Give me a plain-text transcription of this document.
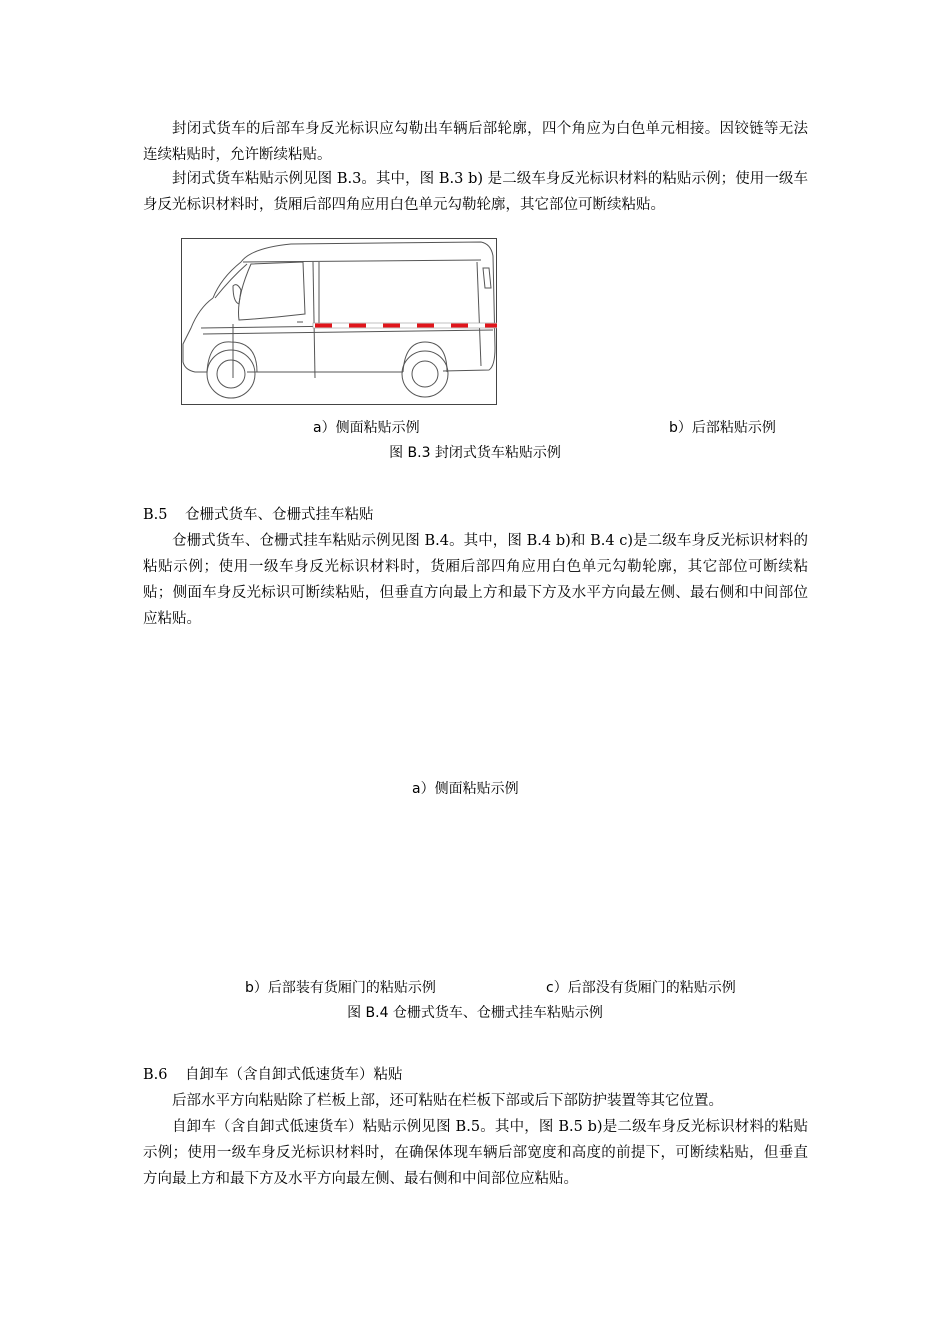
封闭式货车的后部车身反光标识应勾勒出车辆后部轮廓，四个角应为白色单元相接。因铰链等无法连续粘贴时，允许断续粘贴。

封闭式货车粘贴示例见图 B.3。其中，图 B.3 b) 是二级车身反光标识材料的粘贴示例；使用一级车身反光标识材料时，货厢后部四角应用白色单元勾勒轮廓，其它部位可断续粘贴。

a）侧面粘贴示例	b）后部粘贴示例
图 B.3 封闭式货车粘贴示例
B.5 仓栅式货车、仓栅式挂车粘贴

仓栅式货车、仓栅式挂车粘贴示例见图 B.4。其中，图 B.4 b)和 B.4 c)是二级车身反光标识材料的粘贴示例；使用一级车身反光标识材料时，货厢后部四角应用白色单元勾勒轮廓，其它部位可断续粘贴；侧面车身反光标识可断续粘贴，但垂直方向最上方和最下方及水平方向最左侧、最右侧和中间部位应粘贴。

a）侧面粘贴示例
b）后部装有货厢门的粘贴示例	c）后部没有货厢门的粘贴示例
图 B.4 仓栅式货车、仓栅式挂车粘贴示例
B.6 自卸车（含自卸式低速货车）粘贴

后部水平方向粘贴除了栏板上部，还可粘贴在栏板下部或后下部防护装置等其它位置。

自卸车（含自卸式低速货车）粘贴示例见图 B.5。其中，图 B.5 b)是二级车身反光标识材料的粘贴示例；使用一级车身反光标识材料时，在确保体现车辆后部宽度和高度的前提下，可断续粘贴，但垂直方向最上方和最下方及水平方向最左侧、最右侧和中间部位应粘贴。
